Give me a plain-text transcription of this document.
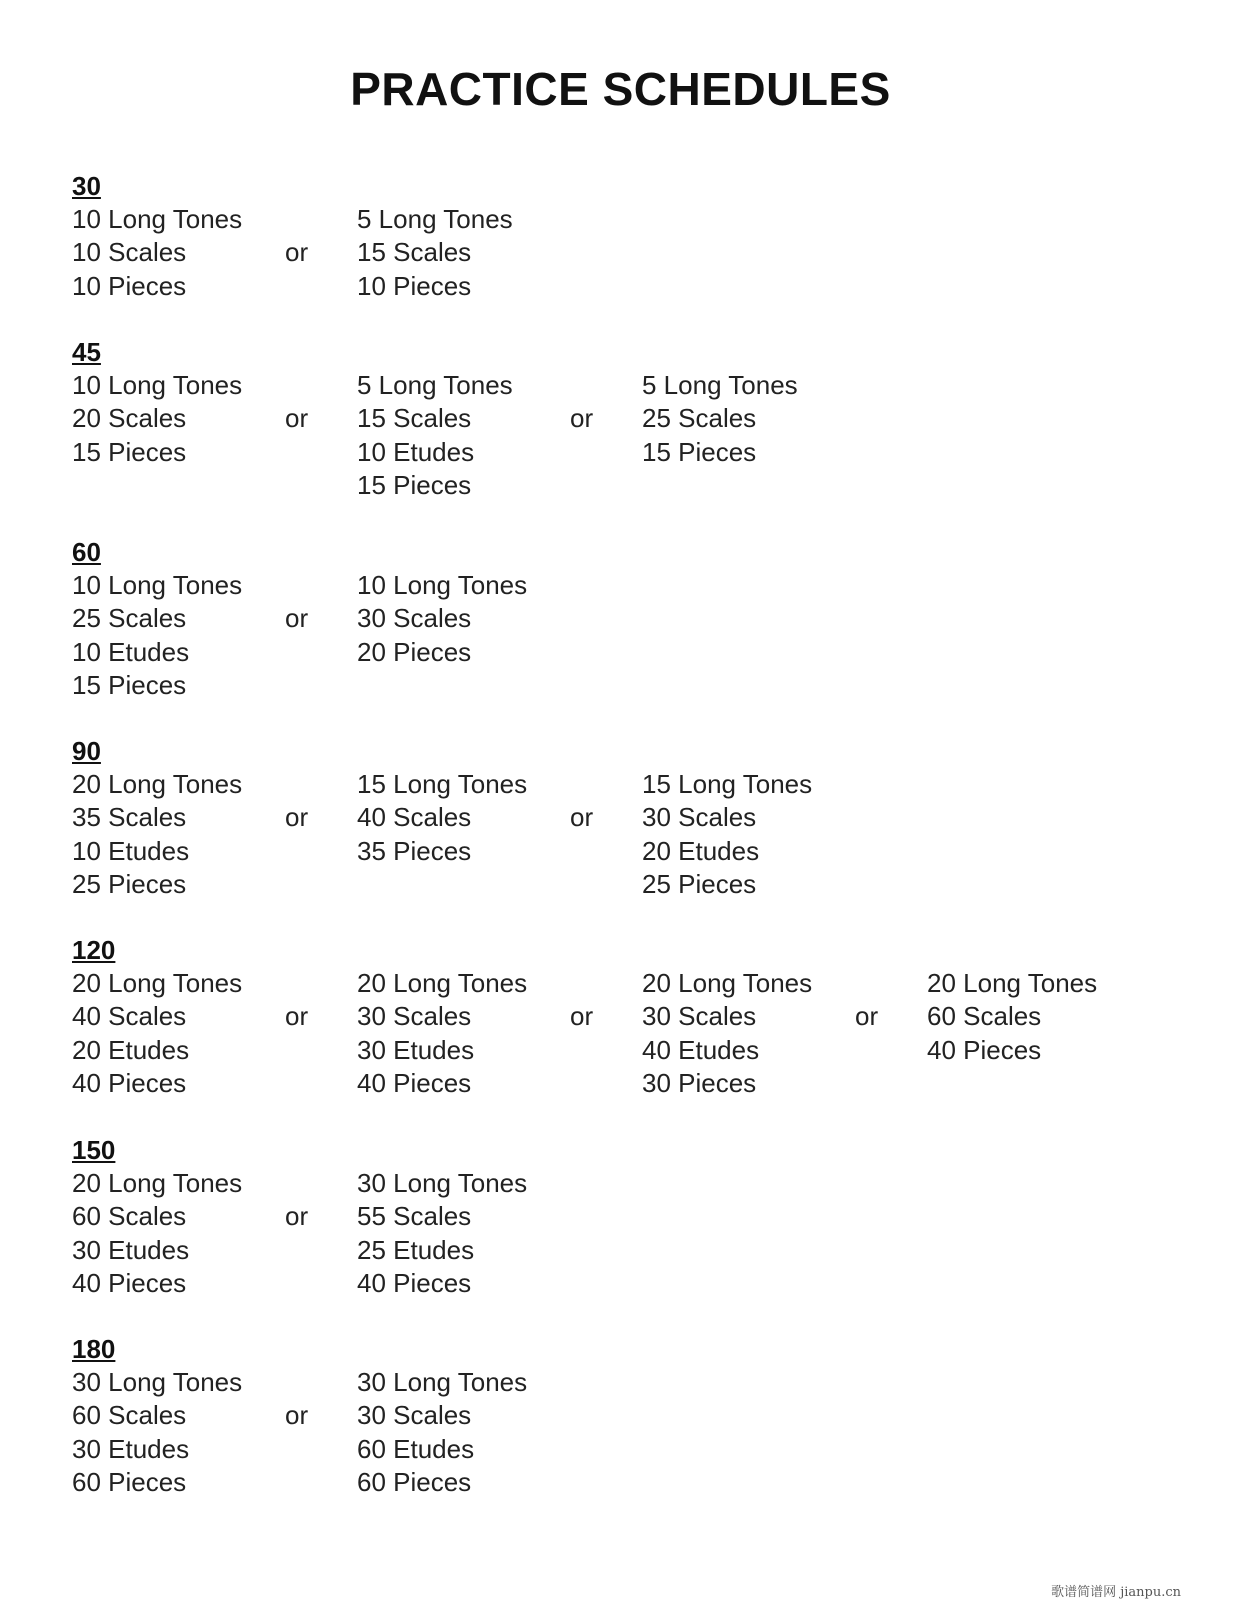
PRACTICE SCHEDULES
30
10 Long Tones
10 Scales
10 Pieces
5 Long Tones
15 Scales
10 Pieces
or
45
10 Long Tones
20 Scales
15 Pieces
5 Long Tones
15 Scales
10 Etudes
15 Pieces
or
5 Long Tones
25 Scales
15 Pieces
or
60
10 Long Tones
25 Scales
10 Etudes
15 Pieces
10 Long Tones
30 Scales
20 Pieces
or
90
20 Long Tones
35 Scales
10 Etudes
25 Pieces
15 Long Tones
40 Scales
35 Pieces
or
15 Long Tones
30 Scales
20 Etudes
25 Pieces
or
120
20 Long Tones
40 Scales
20 Etudes
40 Pieces
20 Long Tones
30 Scales
30 Etudes
40 Pieces
or
20 Long Tones
30 Scales
40 Etudes
30 Pieces
or
20 Long Tones
60 Scales
40 Pieces
or
150
20 Long Tones
60 Scales
30 Etudes
40 Pieces
30 Long Tones
55 Scales
25 Etudes
40 Pieces
or
180
30 Long Tones
60 Scales
30 Etudes
60 Pieces
30 Long Tones
30 Scales
60 Etudes
60 Pieces
or
歌谱简谱网 jianpu.cn
